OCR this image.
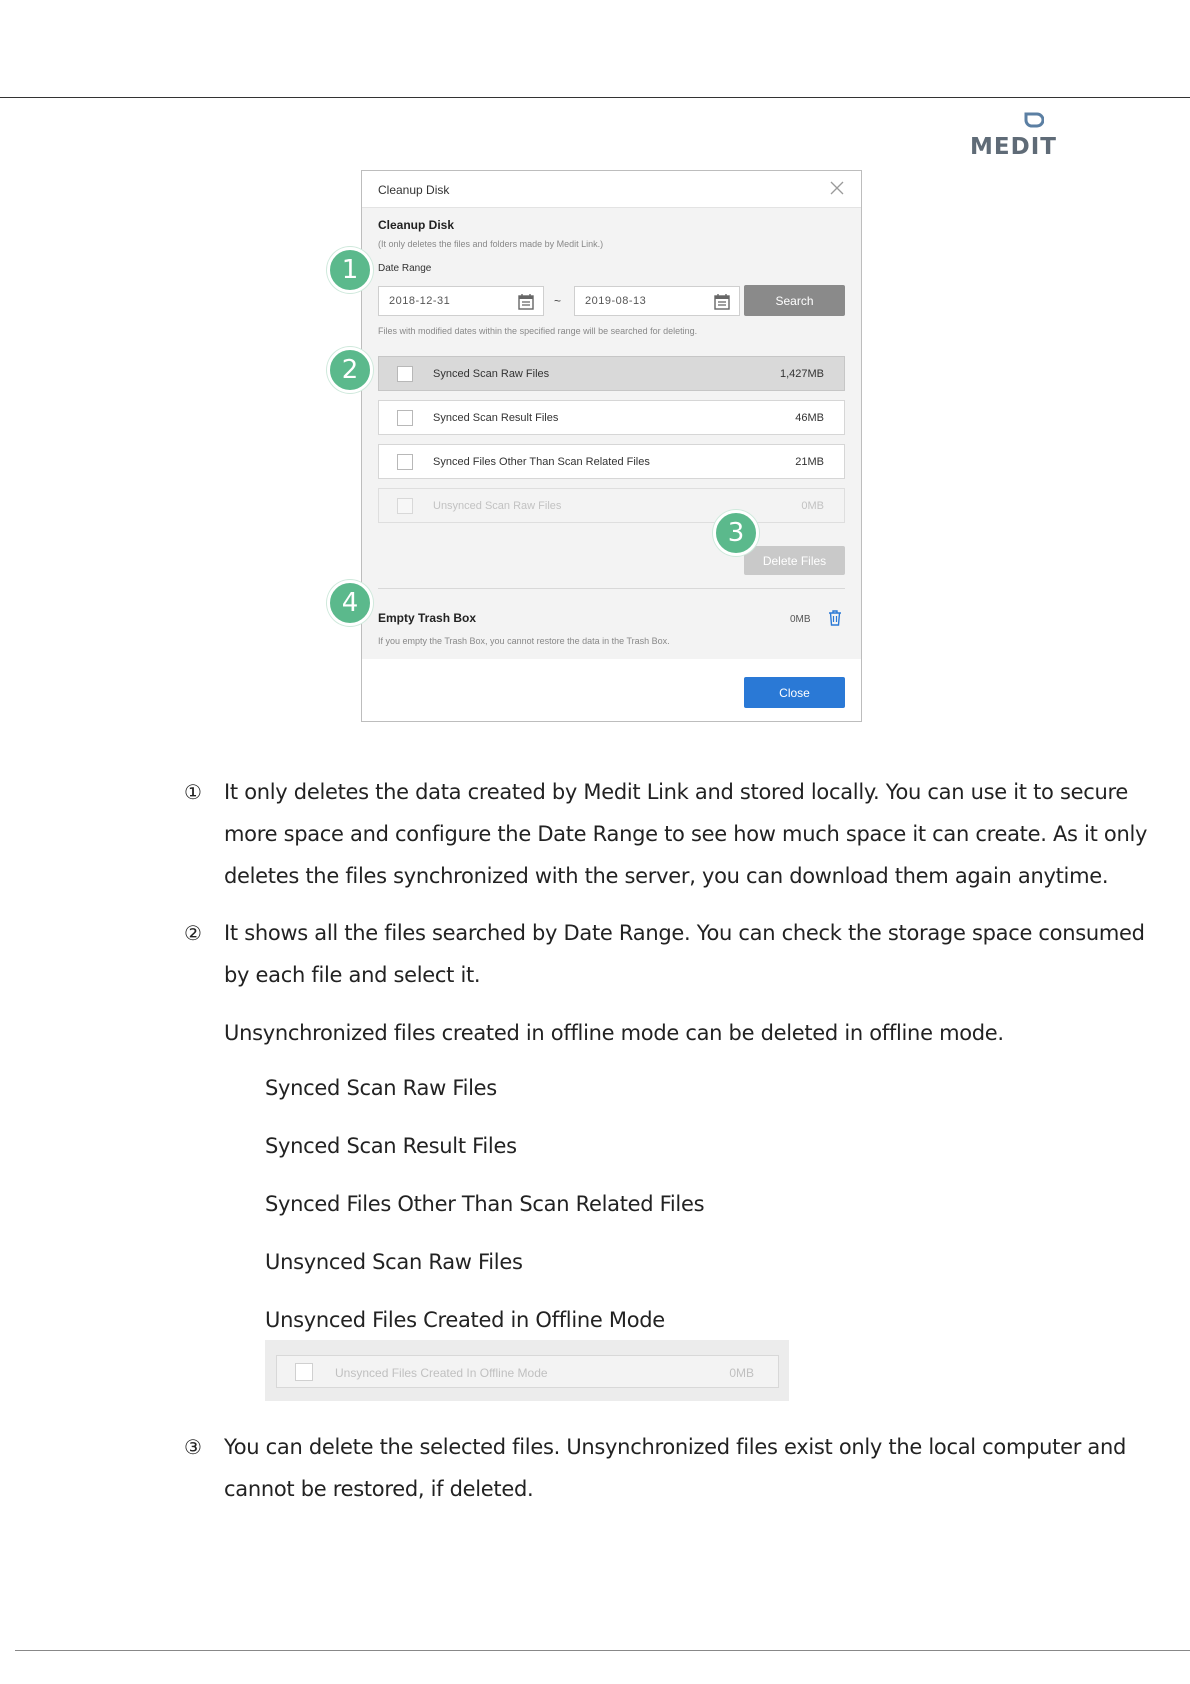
MEDIT
Cleanup Disk
Cleanup Disk
(It only deletes the files and folders made by Medit Link.)
Date Range
2018-12-31	~ 2019-08-13	Search
Files with modified dates within the specified range will be searched for deleting.
Synced Scan Raw Files	1,427MB
Synced Scan Result Files	46MB
Synced Files Other Than Scan Related Files	21MB
Unsynced Scan Raw Files	0MB
Delete Files
Empty Trash Box	0MB
If you empty the Trash Box, you cannot restore the data in the Trash Box.
Close
1
2
3
4
① It only deletes the data created by Medit Link and stored locally. You can use it to secure
more space and configure the Date Range to see how much space it can create. As it only
deletes the files synchronized with the server, you can download them again anytime.
② It shows all the files searched by Date Range. You can check the storage space consumed
by each file and select it.
Unsynchronized files created in offline mode can be deleted in offline mode.
Synced Scan Raw Files
Synced Scan Result Files
Synced Files Other Than Scan Related Files
Unsynced Scan Raw Files
Unsynced Files Created in Offline Mode
Unsynced Files Created In Offline Mode	0MB
③ You can delete the selected files. Unsynchronized files exist only the local computer and
cannot be restored, if deleted.
